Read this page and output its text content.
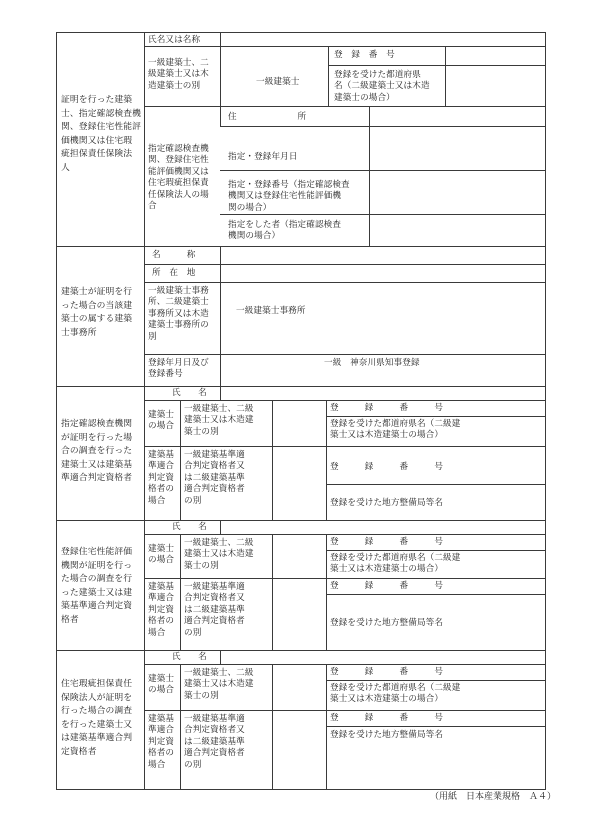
証明を行った建築
士、指定確認検査機
関、登録住宅性能評
価機関又は住宅瑕
疵担保責任保険法
人
氏名又は名称
一級建築士、二
級建築士又は木
造建築士の別	一級建築士
登　録　番　号
登録を受けた都道府県
名（二級建築士又は木造
建築士の場合）
指定確認検査機
関、登録住宅性
能評価機関又は
住宅瑕疵担保責
任保険法人の場
合
住　　　　　　　所
指定・登録年月日
指定・登録番号（指定確認検査
機関又は登録住宅性能評価機
関の場合）
指定をした者（指定確認検査
機関の場合）
建築士が証明を行
った場合の当該建
築士の属する建築
士事務所
名　　　称
所　在　地
一級建築士事務
所、二級建築士
事務所又は木造
建築士事務所の
別
一級建築士事務所
登録年月日及び
登録番号
一級　神奈川県知事登録
指定確認検査機関
が証明を行った場
合の調査を行った
建築士又は建築基
準適合判定資格者
氏　　名
建築士
の場合
一級建築士、二級
建築士又は木造建
築士の別
登　　　録　　　番　　　号
登録を受けた都道府県名（二級建
築士又は木造建築士の場合）
建築基
準適合
判定資
格者の
場合
一級建築基準適
合判定資格者又
は二級建築基準
適合判定資格者
の別
登　　　録　　　番　　　号
登録を受けた地方整備局等名
登録住宅性能評価
機関が証明を行っ
た場合の調査を行
った建築士又は建
築基準適合判定資
格者
氏　　名
建築士
の場合
一級建築士、二級
建築士又は木造建
築士の別
登　　　録　　　番　　　号
登録を受けた都道府県名（二級建
築士又は木造建築士の場合）
建築基
準適合
判定資
格者の
場合
一級建築基準適
合判定資格者又
は二級建築基準
適合判定資格者
の別
登　　　録　　　番　　　号
登録を受けた地方整備局等名
住宅瑕疵担保責任
保険法人が証明を
行った場合の調査
を行った建築士又
は建築基準適合判
定資格者
氏　　名
建築士
の場合
一級建築士、二級
建築士又は木造建
築士の別
登　　　録　　　番　　　号
登録を受けた都道府県名（二級建
築士又は木造建築士の場合）
建築基
準適合
判定資
格者の
場合
一級建築基準適
合判定資格者又
は二級建築基準
適合判定資格者
の別
登　　　録　　　番　　　号
登録を受けた地方整備局等名
（用紙　日本産業規格　Ａ４）
